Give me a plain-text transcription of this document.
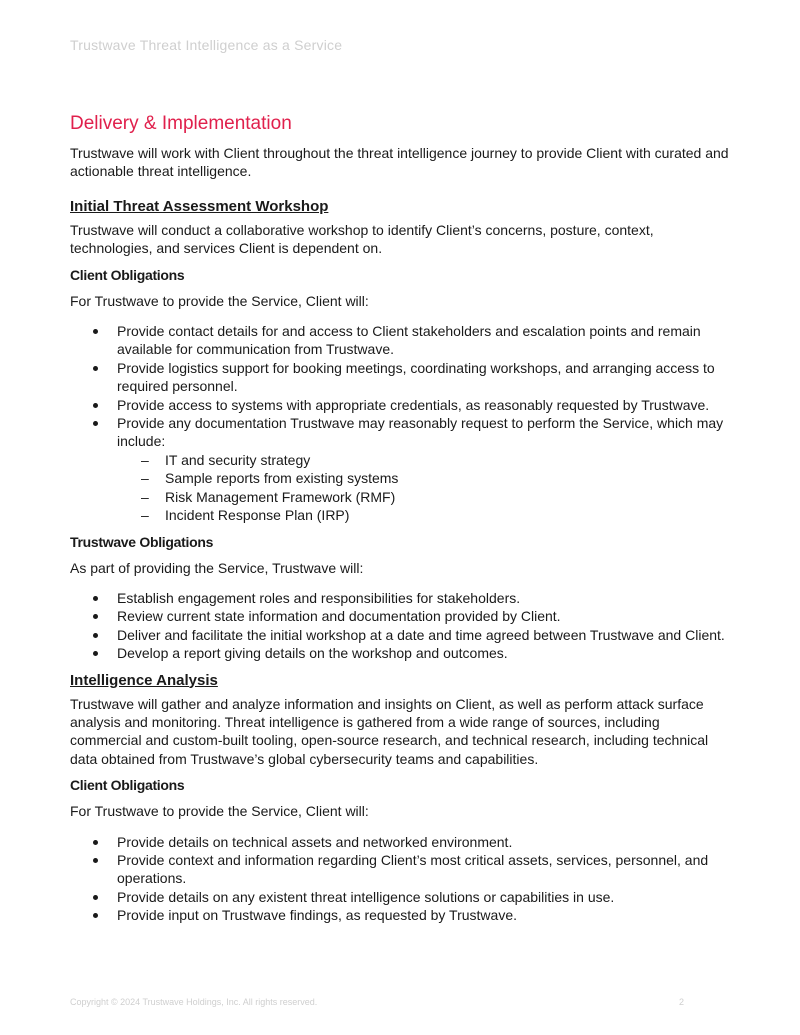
Trustwave Threat Intelligence as a Service
Delivery & Implementation

Trustwave will work with Client throughout the threat intelligence journey to provide Client with curated and actionable threat intelligence.

Initial Threat Assessment Workshop

Trustwave will conduct a collaborative workshop to identify Client’s concerns, posture, context, technologies, and services Client is dependent on.

Client Obligations

For Trustwave to provide the Service, Client will:

Provide contact details for and access to Client stakeholders and escalation points and remain available for communication from Trustwave.
Provide logistics support for booking meetings, coordinating workshops, and arranging access to required personnel.
Provide access to systems with appropriate credentials, as reasonably requested by Trustwave.
Provide any documentation Trustwave may reasonably request to perform the Service, which may include:
– IT and security strategy
– Sample reports from existing systems
– Risk Management Framework (RMF)
– Incident Response Plan (IRP)
Trustwave Obligations

As part of providing the Service, Trustwave will:

Establish engagement roles and responsibilities for stakeholders.
Review current state information and documentation provided by Client.
Deliver and facilitate the initial workshop at a date and time agreed between Trustwave and Client.
Develop a report giving details on the workshop and outcomes.
Intelligence Analysis

Trustwave will gather and analyze information and insights on Client, as well as perform attack surface analysis and monitoring. Threat intelligence is gathered from a wide range of sources, including commercial and custom-built tooling, open-source research, and technical research, including technical data obtained from Trustwave’s global cybersecurity teams and capabilities.

Client Obligations

For Trustwave to provide the Service, Client will:

Provide details on technical assets and networked environment.
Provide context and information regarding Client’s most critical assets, services, personnel, and operations.
Provide details on any existent threat intelligence solutions or capabilities in use.
Provide input on Trustwave findings, as requested by Trustwave.
Copyright © 2024 Trustwave Holdings, Inc. All rights reserved.	2
